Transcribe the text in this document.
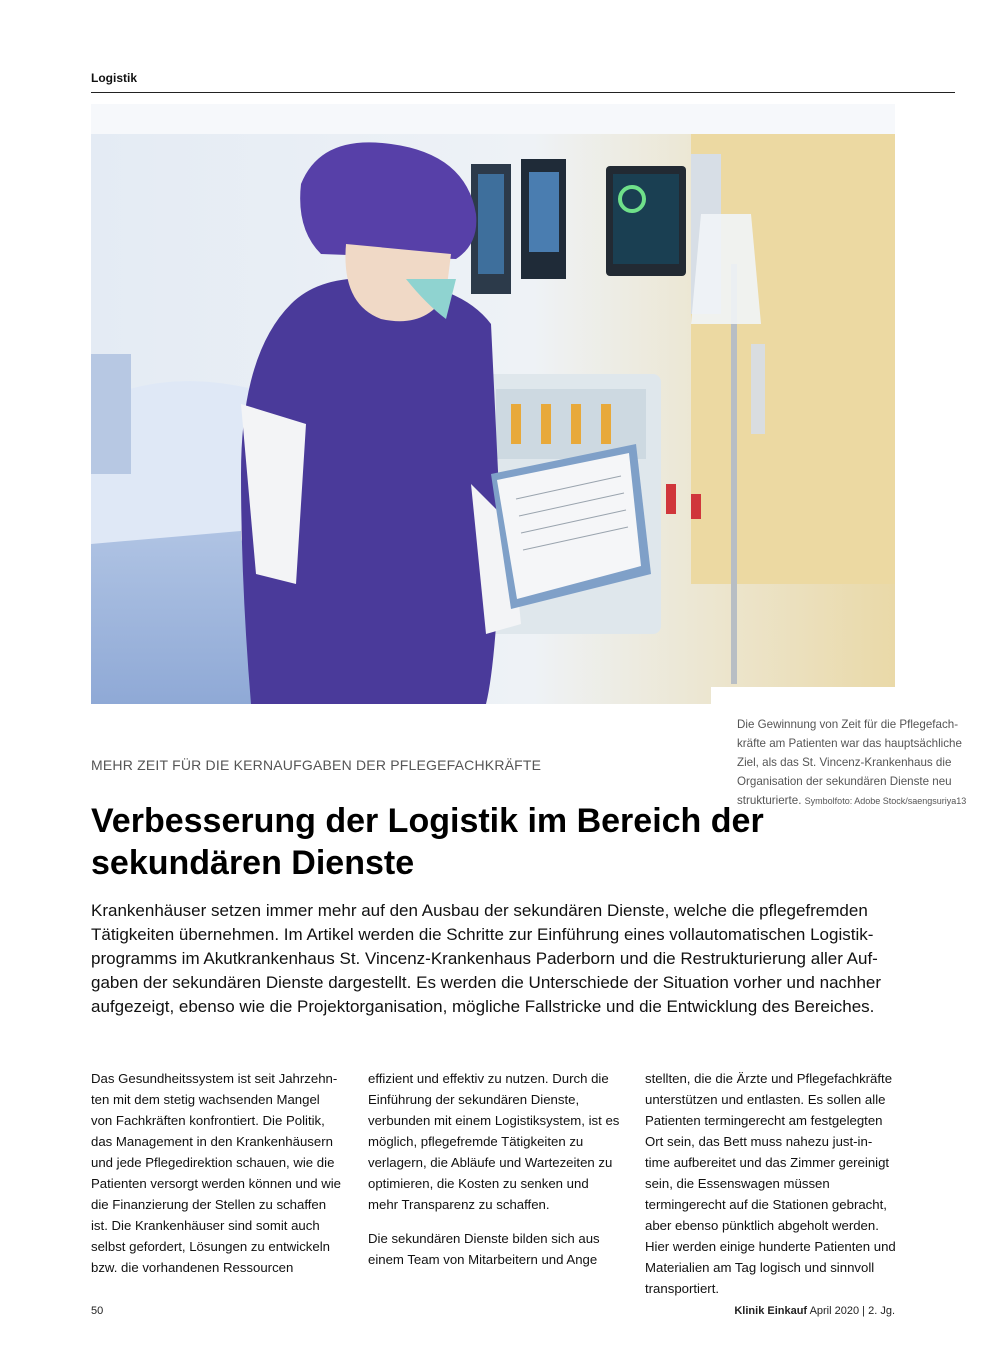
Logistik
Die Gewinnung von Zeit für die Pflegefachkräfte am Patienten war das hauptsächliche Ziel, als das St. Vincenz-Krankenhaus die Organisation der sekundären Dienste neu strukturierte. Symbolfoto: Adobe Stock/saengsuriya13
MEHR ZEIT FÜR DIE KERNAUFGABEN DER PFLEGEFACHKRÄFTE
Verbesserung der Logistik im Bereich der sekundären Dienste

Krankenhäuser setzen immer mehr auf den Ausbau der sekundären Dienste, welche die pflegefremden Tätigkeiten übernehmen. Im Artikel werden die Schritte zur Einführung eines vollautomatischen Logistikprogramms im Akutkrankenhaus St. Vincenz-Krankenhaus Paderborn und die Restrukturierung aller Aufgaben der sekundären Dienste dargestellt. Es werden die Unterschiede der Situation vorher und nachher aufgezeigt, ebenso wie die Projektorganisation, mögliche Fallstricke und die Entwicklung des Bereiches.

Das Gesundheitssystem ist seit Jahrzehnten mit dem stetig wachsenden Mangel von Fachkräften konfrontiert. Die Politik, das Management in den Krankenhäusern und jede Pflegedirektion schauen, wie die Patienten versorgt werden können und wie die Finanzierung der Stellen zu schaffen ist. Die Krankenhäuser sind somit auch selbst gefordert, Lösungen zu entwickeln bzw. die vorhandenen Ressourcen

effizient und effektiv zu nutzen. Durch die Einführung der sekundären Dienste, verbunden mit einem Logistiksystem, ist es möglich, pflegefremde Tätigkeiten zu verlagern, die Abläufe und Wartezeiten zu optimieren, die Kosten zu senken und mehr Transparenz zu schaffen.

Die sekundären Dienste bilden sich aus einem Team von Mitarbeitern und Ange

stellten, die die Ärzte und Pflegefachkräfte unterstützen und entlasten. Es sollen alle Patienten termingerecht am festgelegten Ort sein, das Bett muss nahezu just-in-time aufbereitet und das Zimmer gereinigt sein, die Essenswagen müssen termingerecht auf die Stationen gebracht, aber ebenso pünktlich abgeholt werden. Hier werden einige hunderte Patienten und Materialien am Tag logisch und sinnvoll transportiert.

50	Klinik Einkauf April 2020 | 2. Jg.
